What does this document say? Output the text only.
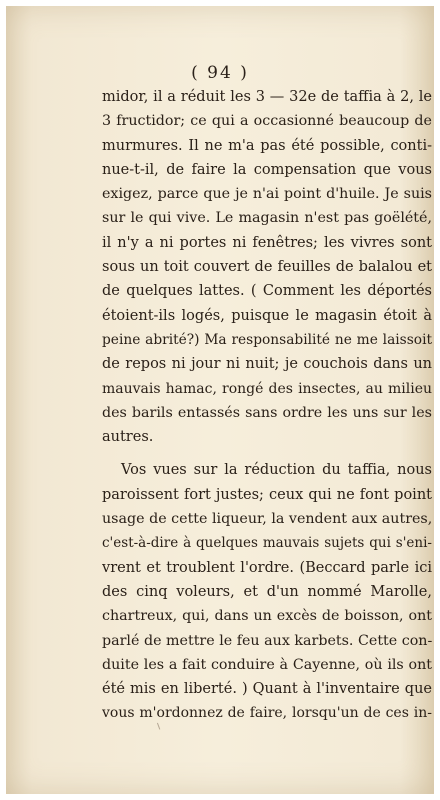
( 94 )
midor, il a réduit les 3 — 32e de taffia à 2, le
3 fructidor; ce qui a occasionné beaucoup de
murmures. Il ne m'a pas été possible, conti-
nue-t-il, de faire la compensation que vous
exigez, parce que je n'ai point d'huile. Je suis
sur le qui vive. Le magasin n'est pas goëlété,
il n'y a ni portes ni fenêtres; les vivres sont
sous un toit couvert de feuilles de balalou et
de quelques lattes. ( Comment les déportés
étoient-ils logés, puisque le magasin étoit à
peine abrité?) Ma responsabilité ne me laissoit
de repos ni jour ni nuit; je couchois dans un
mauvais hamac, rongé des insectes, au milieu
des barils entassés sans ordre les uns sur les
autres.
Vos vues sur la réduction du taffia, nous
paroissent fort justes; ceux qui ne font point
usage de cette liqueur, la vendent aux autres,
c'est-à-dire à quelques mauvais sujets qui s'eni-
vrent et troublent l'ordre. (Beccard parle ici
des cinq voleurs, et d'un nommé Marolle,
chartreux, qui, dans un excès de boisson, ont
parlé de mettre le feu aux karbets. Cette con-
duite les a fait conduire à Cayenne, où ils ont
été mis en liberté. ) Quant à l'inventaire que
vous m'ordonnez de faire, lorsqu'un de ces in-
